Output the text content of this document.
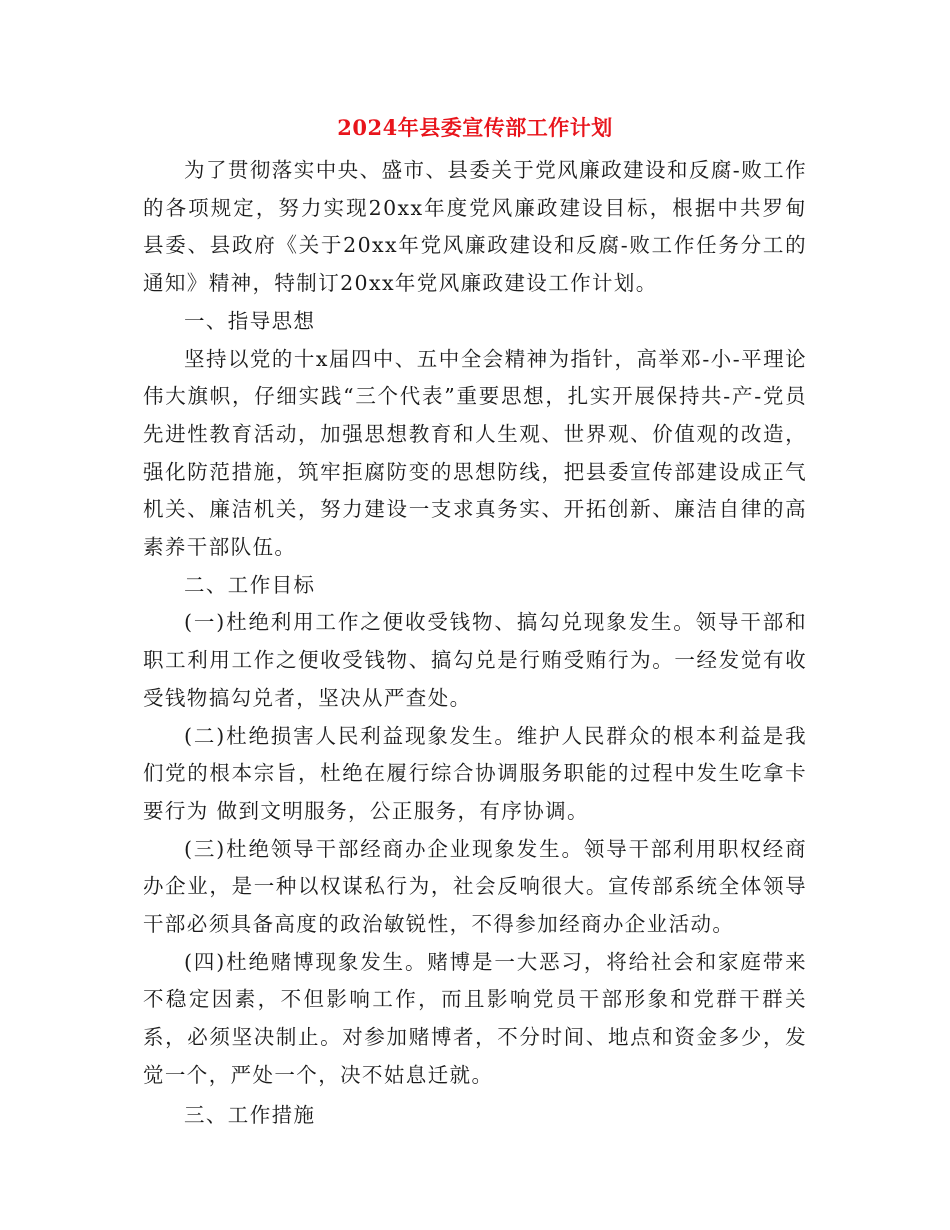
2024年县委宣传部工作计划

为了贯彻落实中央、盛市、县委关于党风廉政建设和反腐-败工作的各项规定，努力实现20xx年度党风廉政建设目标，根据中共罗甸县委、县政府《关于20xx年党风廉政建设和反腐-败工作任务分工的通知》精神，特制订20xx年党风廉政建设工作计划。

一、指导思想

坚持以党的十x届四中、五中全会精神为指针，高举邓-小-平理论伟大旗帜，仔细实践“三个代表”重要思想，扎实开展保持共-产-党员先进性教育活动，加强思想教育和人生观、世界观、价值观的改造，强化防范措施，筑牢拒腐防变的思想防线，把县委宣传部建设成正气机关、廉洁机关，努力建设一支求真务实、开拓创新、廉洁自律的高素养干部队伍。

二、工作目标

(一)杜绝利用工作之便收受钱物、搞勾兑现象发生。领导干部和职工利用工作之便收受钱物、搞勾兑是行贿受贿行为。一经发觉有收受钱物搞勾兑者，坚决从严查处。

(二)杜绝损害人民利益现象发生。维护人民群众的根本利益是我们党的根本宗旨，杜绝在履行综合协调服务职能的过程中发生吃拿卡要行为 做到文明服务，公正服务，有序协调。

(三)杜绝领导干部经商办企业现象发生。领导干部利用职权经商办企业，是一种以权谋私行为，社会反响很大。宣传部系统全体领导干部必须具备高度的政治敏锐性，不得参加经商办企业活动。

(四)杜绝赌博现象发生。赌博是一大恶习，将给社会和家庭带来不稳定因素，不但影响工作，而且影响党员干部形象和党群干群关系，必须坚决制止。对参加赌博者，不分时间、地点和资金多少，发觉一个，严处一个，决不姑息迁就。

三、工作措施
